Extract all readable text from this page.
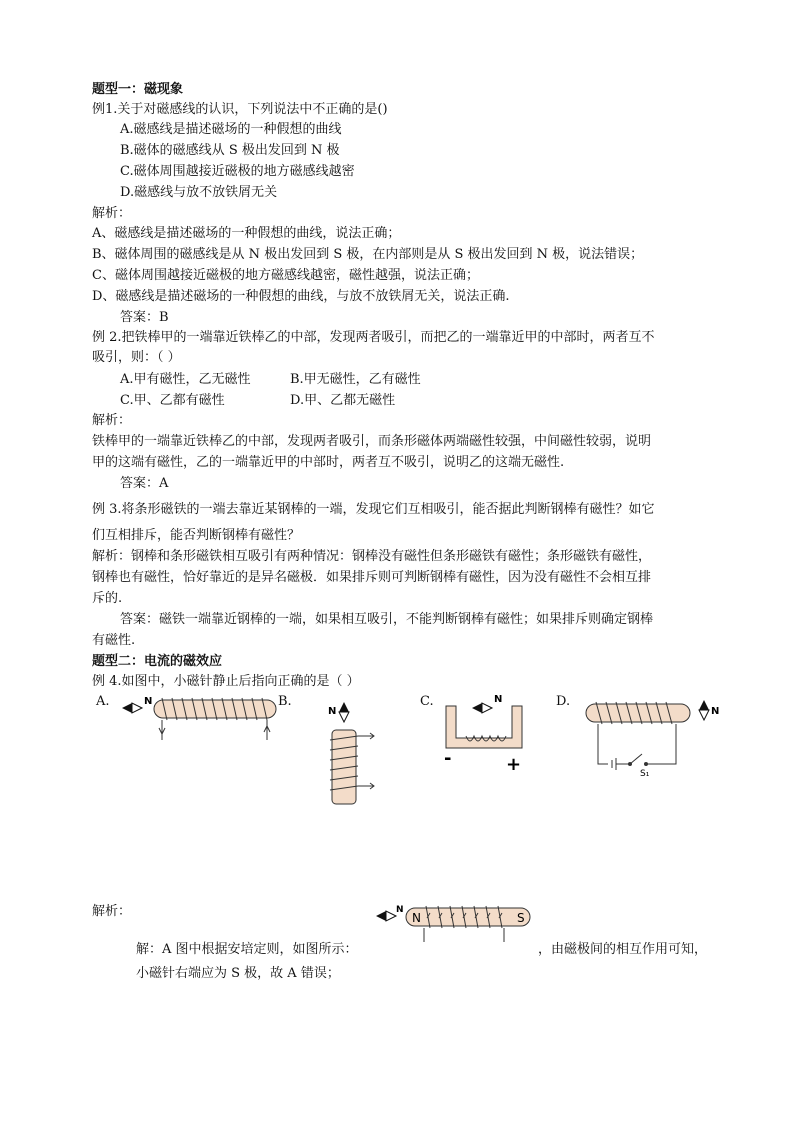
题型一：磁现象
例1.关于对磁感线的认识，下列说法中不正确的是()
A.磁感线是描述磁场的一种假想的曲线
B.磁体的磁感线从 S 极出发回到 N 极
C.磁体周围越接近磁极的地方磁感线越密
D.磁感线与放不放铁屑无关
解析：
A、磁感线是描述磁场的一种假想的曲线，说法正确；
B、磁体周围的磁感线是从 N 极出发回到 S 极，在内部则是从 S 极出发回到 N 极，说法错误；
C、磁体周围越接近磁极的地方磁感线越密，磁性越强，说法正确；
D、磁感线是描述磁场的一种假想的曲线，与放不放铁屑无关，说法正确.
答案：B
例 2.把铁棒甲的一端靠近铁棒乙的中部，发现两者吸引，而把乙的一端靠近甲的中部时，两者互不
吸引，则：（ ）
A.甲有磁性，乙无磁性	B.甲无磁性，乙有磁性
C.甲、乙都有磁性	D.甲、乙都无磁性
解析：
铁棒甲的一端靠近铁棒乙的中部，发现两者吸引，而条形磁体两端磁性较强，中间磁性较弱，说明
甲的这端有磁性，乙的一端靠近甲的中部时，两者互不吸引，说明乙的这端无磁性.
答案：A
例 3.将条形磁铁的一端去靠近某钢棒的一端，发现它们互相吸引，能否据此判断钢棒有磁性？如它
们互相排斥，能否判断钢棒有磁性？
解析：钢棒和条形磁铁相互吸引有两种情况：钢棒没有磁性但条形磁铁有磁性；条形磁铁有磁性，
钢棒也有磁性，恰好靠近的是异名磁极．如果排斥则可判断钢棒有磁性，因为没有磁性不会相互排
斥的.
答案：磁铁一端靠近钢棒的一端，如果相互吸引，不能判断钢棒有磁性；如果排斥则确定钢棒
有磁性.
题型二：电流的磁效应
例 4.如图中，小磁针静止后指向正确的是（ ）
A.	N	B.
N
C.	N
-	+
D.
S₁
N
解析：	N
N	S
解：A 图中根据安培定则，如图所示：	，由磁极间的相互作用可知，
小磁针右端应为 S 极，故 A 错误；
